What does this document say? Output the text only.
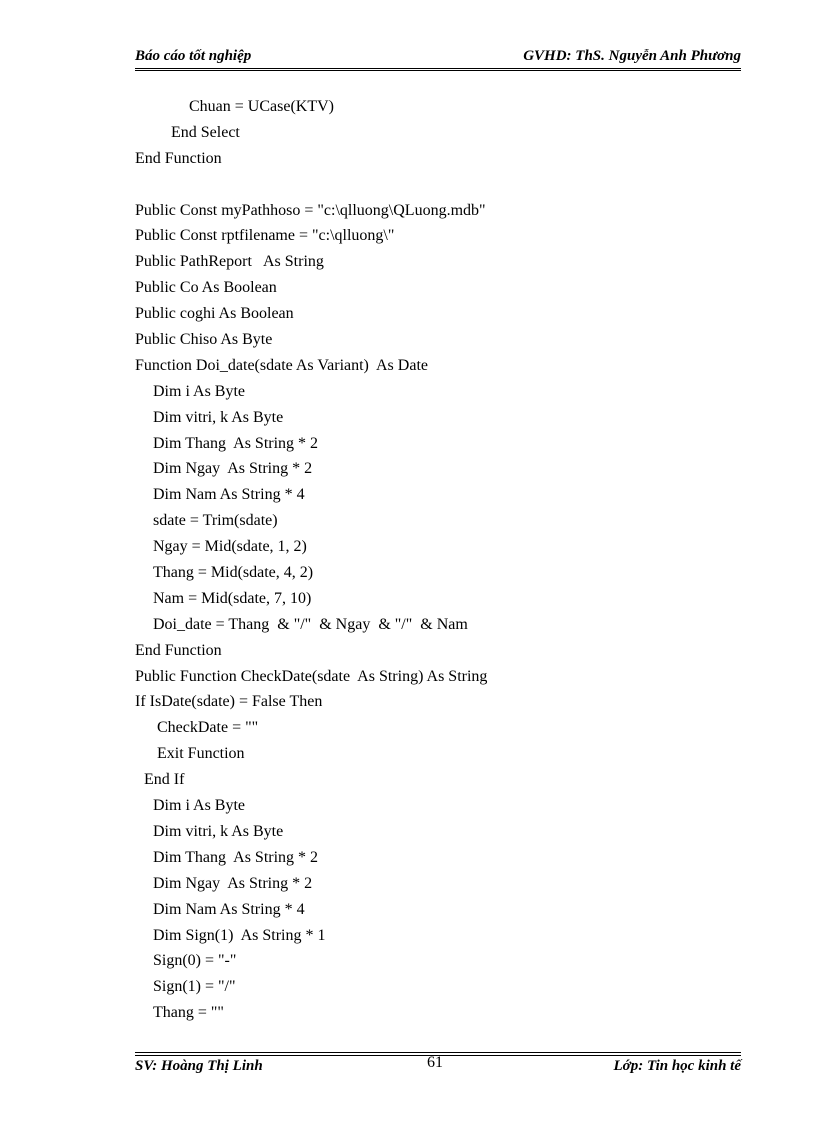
Báo cáo tốt nghiệp	GVHD: ThS. Nguyễn Anh Phương
Chuan = UCase(KTV)
End Select
End Function
Public Const myPathhoso = "c:\qlluong\QLuong.mdb"
Public Const rptfilename = "c:\qlluong\"
Public PathReport   As String
Public Co As Boolean
Public coghi As Boolean
Public Chiso As Byte
Function Doi_date(sdate As Variant)  As Date
Dim i As Byte
Dim vitri, k As Byte
Dim Thang  As String * 2
Dim Ngay  As String * 2
Dim Nam As String * 4
sdate = Trim(sdate)
Ngay = Mid(sdate, 1, 2)
Thang = Mid(sdate, 4, 2)
Nam = Mid(sdate, 7, 10)
Doi_date = Thang  & "/"  & Ngay  & "/"  & Nam
End Function
Public Function CheckDate(sdate  As String) As String
If IsDate(sdate) = False Then
CheckDate = ""
Exit Function
End If
Dim i As Byte
Dim vitri, k As Byte
Dim Thang  As String * 2
Dim Ngay  As String * 2
Dim Nam As String * 4
Dim Sign(1)  As String * 1
Sign(0) = "-"
Sign(1) = "/"
Thang = ""
SV: Hoàng Thị Linh	61	Lớp: Tin học kinh tế
